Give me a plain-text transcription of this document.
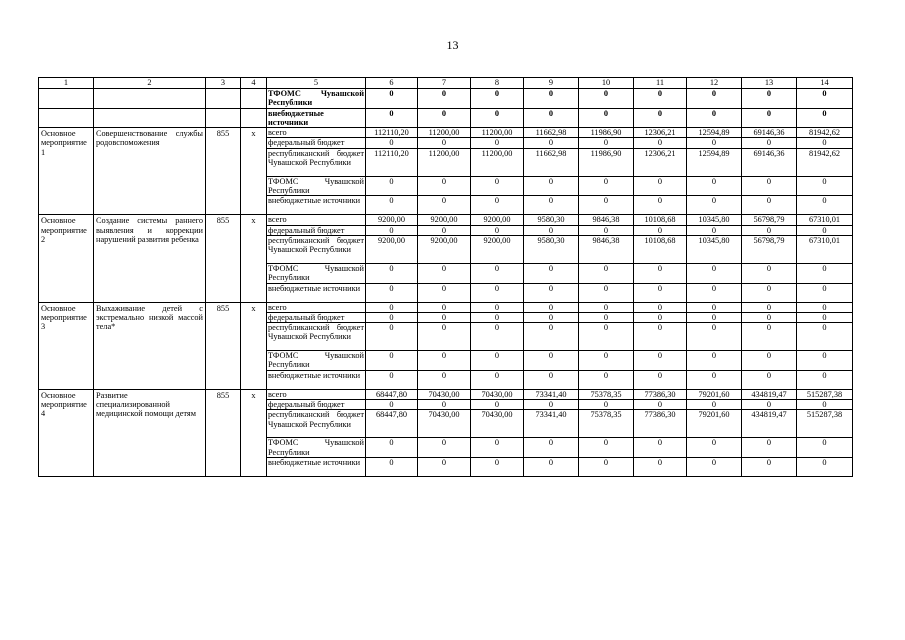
13
1	2	3	4	5	6	7	8	9	10	11	12	13	14
				ТФОМС Чувашской Республики	0	0	0	0	0	0	0	0	0
				внебюджетные источники	0	0	0	0	0	0	0	0	0
Основное мероприятие 1	Совершенствование службы родовспоможения	855	х	всего	112110,20	11200,00	11200,00	11662,98	11986,90	12306,21	12594,89	69146,36	81942,62
				федеральный бюджет	0	0	0	0	0	0	0	0	0
				республиканский бюджет Чувашской Республики	112110,20	11200,00	11200,00	11662,98	11986,90	12306,21	12594,89	69146,36	81942,62
				ТФОМС Чувашской Республики	0	0	0	0	0	0	0	0	0
				внебюджетные источники	0	0	0	0	0	0	0	0	0
Основное мероприятие 2	Создание системы раннего выявления и коррекции нарушений развития ребенка	855	х	всего	9200,00	9200,00	9200,00	9580,30	9846,38	10108,68	10345,80	56798,79	67310,01
				федеральный бюджет	0	0	0	0	0	0	0	0	0
				республиканский бюджет Чувашской Республики	9200,00	9200,00	9200,00	9580,30	9846,38	10108,68	10345,80	56798,79	67310,01
				ТФОМС Чувашской Республики	0	0	0	0	0	0	0	0	0
				внебюджетные источники	0	0	0	0	0	0	0	0	0
Основное мероприятие 3	Выхаживание детей с экстремально низкой массой тела*	855	х	всего	0	0	0	0	0	0	0	0	0
				федеральный бюджет	0	0	0	0	0	0	0	0	0
				республиканский бюджет Чувашской Республики	0	0	0	0	0	0	0	0	0
				ТФОМС Чувашской Республики	0	0	0	0	0	0	0	0	0
				внебюджетные источники	0	0	0	0	0	0	0	0	0
Основное мероприятие 4	Развитие специализированной медицинской помощи детям	855	х	всего	68447,80	70430,00	70430,00	73341,40	75378,35	77386,30	79201,60	434819,47	515287,38
				федеральный бюджет	0	0	0	0	0	0	0	0	0
				республиканский бюджет Чувашской Республики	68447,80	70430,00	70430,00	73341,40	75378,35	77386,30	79201,60	434819,47	515287,38
				ТФОМС Чувашской Республики	0	0	0	0	0	0	0	0	0
				внебюджетные источники	0	0	0	0	0	0	0	0	0
